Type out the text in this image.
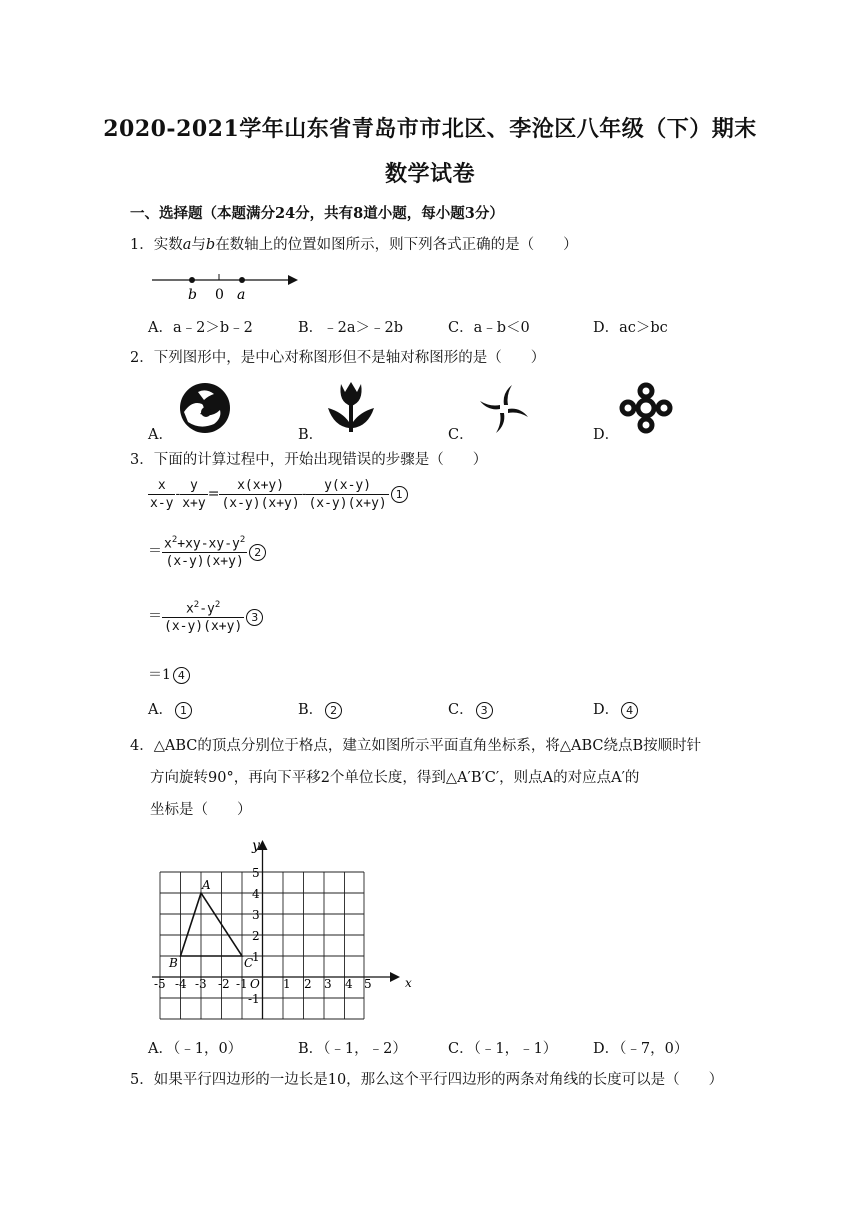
2020-2021学年山东省青岛市市北区、李沧区八年级（下）期末
数学试卷
一、选择题（本题满分24分，共有8道小题，每小题3分）
1．实数a与b在数轴上的位置如图所示，则下列各式正确的是（　　）
b 0 a
A．a﹣2＞b﹣2	B．﹣2a＞﹣2b	C．a﹣b＜0	D．ac＞bc
2．下列图形中，是中心对称图形但不是轴对称图形的是（　　）
A．	B．	C．	D．
3．下面的计算过程中，开始出现错误的步骤是（　　）
$\frac{x}{x-y} - \frac{y}{x+y} = \frac{x(x+y)}{(x-y)(x+y)} - \frac{y(x-y)}{(x-y)(x+y)} 1$
＝ $\frac{x^2+xy-xy-y^2}{(x-y)(x+y)} 2$
＝ $\frac{x^2-y^2}{(x-y)(x+y)} 3$
＝1 4
A． 1	B． 2	C． 3	D． 4
4．△ABC的顶点分别位于格点，建立如图所示平面直角坐标系，将△ABC绕点B按顺时针
方向旋转90°，再向下平移2个单位长度，得到△A′B′C′，则点A的对应点A′的
坐标是（　　）
x
y
-5 -4 -3 -2 -1 O 1 2 3 4 5
5
4
3
2
1
-1
A
B	C
A．（﹣1，0）	B．（﹣1，﹣2）	C．（﹣1，﹣1） D．（﹣7，0）
5．如果平行四边形的一边长是10，那么这个平行四边形的两条对角线的长度可以是（　　）
